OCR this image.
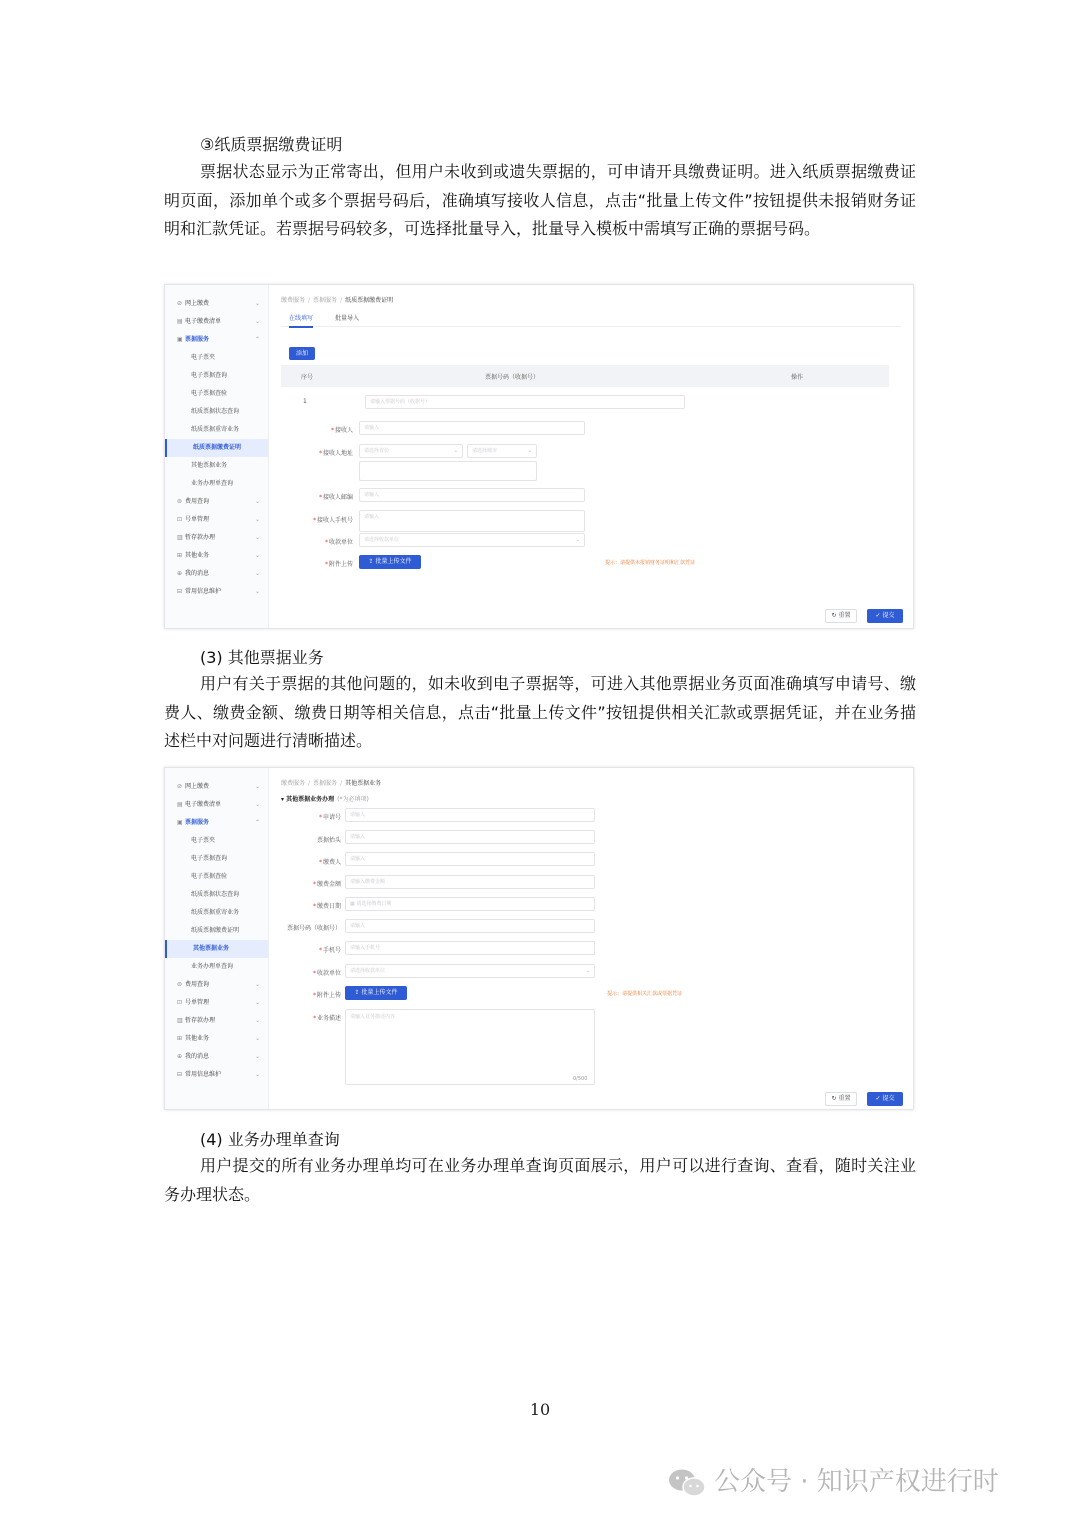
③纸质票据缴费证明
票据状态显示为正常寄出，但用户未收到或遗失票据的，可申请开具缴费证明。进入纸质票据缴费证明页面，添加单个或多个票据号码后，准确填写接收人信息，点击“批量上传文件”按钮提供未报销财务证明和汇款凭证。若票据号码较多，可选择批量导入，批量导入模板中需填写正确的票据号码。
⊘ 网上缴费	⌄
▤ 电子缴费清单	⌄
▣ 票据服务	⌃
电子票夹
电子票据查询
电子票据查验
纸质票据状态查询
纸质票据重寄业务
纸质票据缴费证明
其他票据业务
业务办理单查询
⊜ 费用查询	⌄
⊡ 号单管理	⌄
▥ 暂存款办理	⌄
⊞ 其他业务	⌄
⊕ 我的消息	⌄
⊟ 常用信息维护	⌄
缴费服务 / 票据服务 / 纸质票据缴费证明
在线填写	批量导入
添加
序号	票据号码（收据号）	操作
1	请输入票据号码（收据号）
*接收人	请输入
*接收人地址	请选择省份	⌄	请选择城市	⌄
*接收人邮编	请输入
*接收人手机号	请输入
*收款单位	请选择收款单位	⌄
*附件上传	⇪ 批量上传文件	提示：请提供未报销财务证明和汇款凭证
↻ 重置	✓ 提交
(3) 其他票据业务
用户有关于票据的其他问题的，如未收到电子票据等，可进入其他票据业务页面准确填写申请号、缴费人、缴费金额、缴费日期等相关信息，点击“批量上传文件”按钮提供相关汇款或票据凭证，并在业务描述栏中对问题进行清晰描述。
⊘ 网上缴费	⌄
▤ 电子缴费清单	⌄
▣ 票据服务	⌃
电子票夹
电子票据查询
电子票据查验
纸质票据状态查询
纸质票据重寄业务
纸质票据缴费证明
其他票据业务
业务办理单查询
⊜ 费用查询	⌄
⊡ 号单管理	⌄
▥ 暂存款办理	⌄
⊞ 其他业务	⌄
⊕ 我的消息	⌄
⊟ 常用信息维护	⌄
缴费服务 / 票据服务 / 其他票据业务
▾ 其他票据业务办理 (*为必填项)
*申请号	请输入
票据抬头	请输入
*缴费人	请输入
*缴费金额	请输入缴费金额
*缴费日期	▦ 请选择缴费日期
票据号码（收据号）	请输入
*手机号	请输入手机号
*收款单位	请选择收款单位	⌄
*附件上传	⇪ 批量上传文件	提示：请提供相关汇款或票据凭证
*业务描述	请输入业务描述内容
0/500
↻ 重置	✓ 提交
(4) 业务办理单查询
用户提交的所有业务办理单均可在业务办理单查询页面展示，用户可以进行查询、查看，随时关注业务办理状态。
10
公众号 · 知识产权进行时
